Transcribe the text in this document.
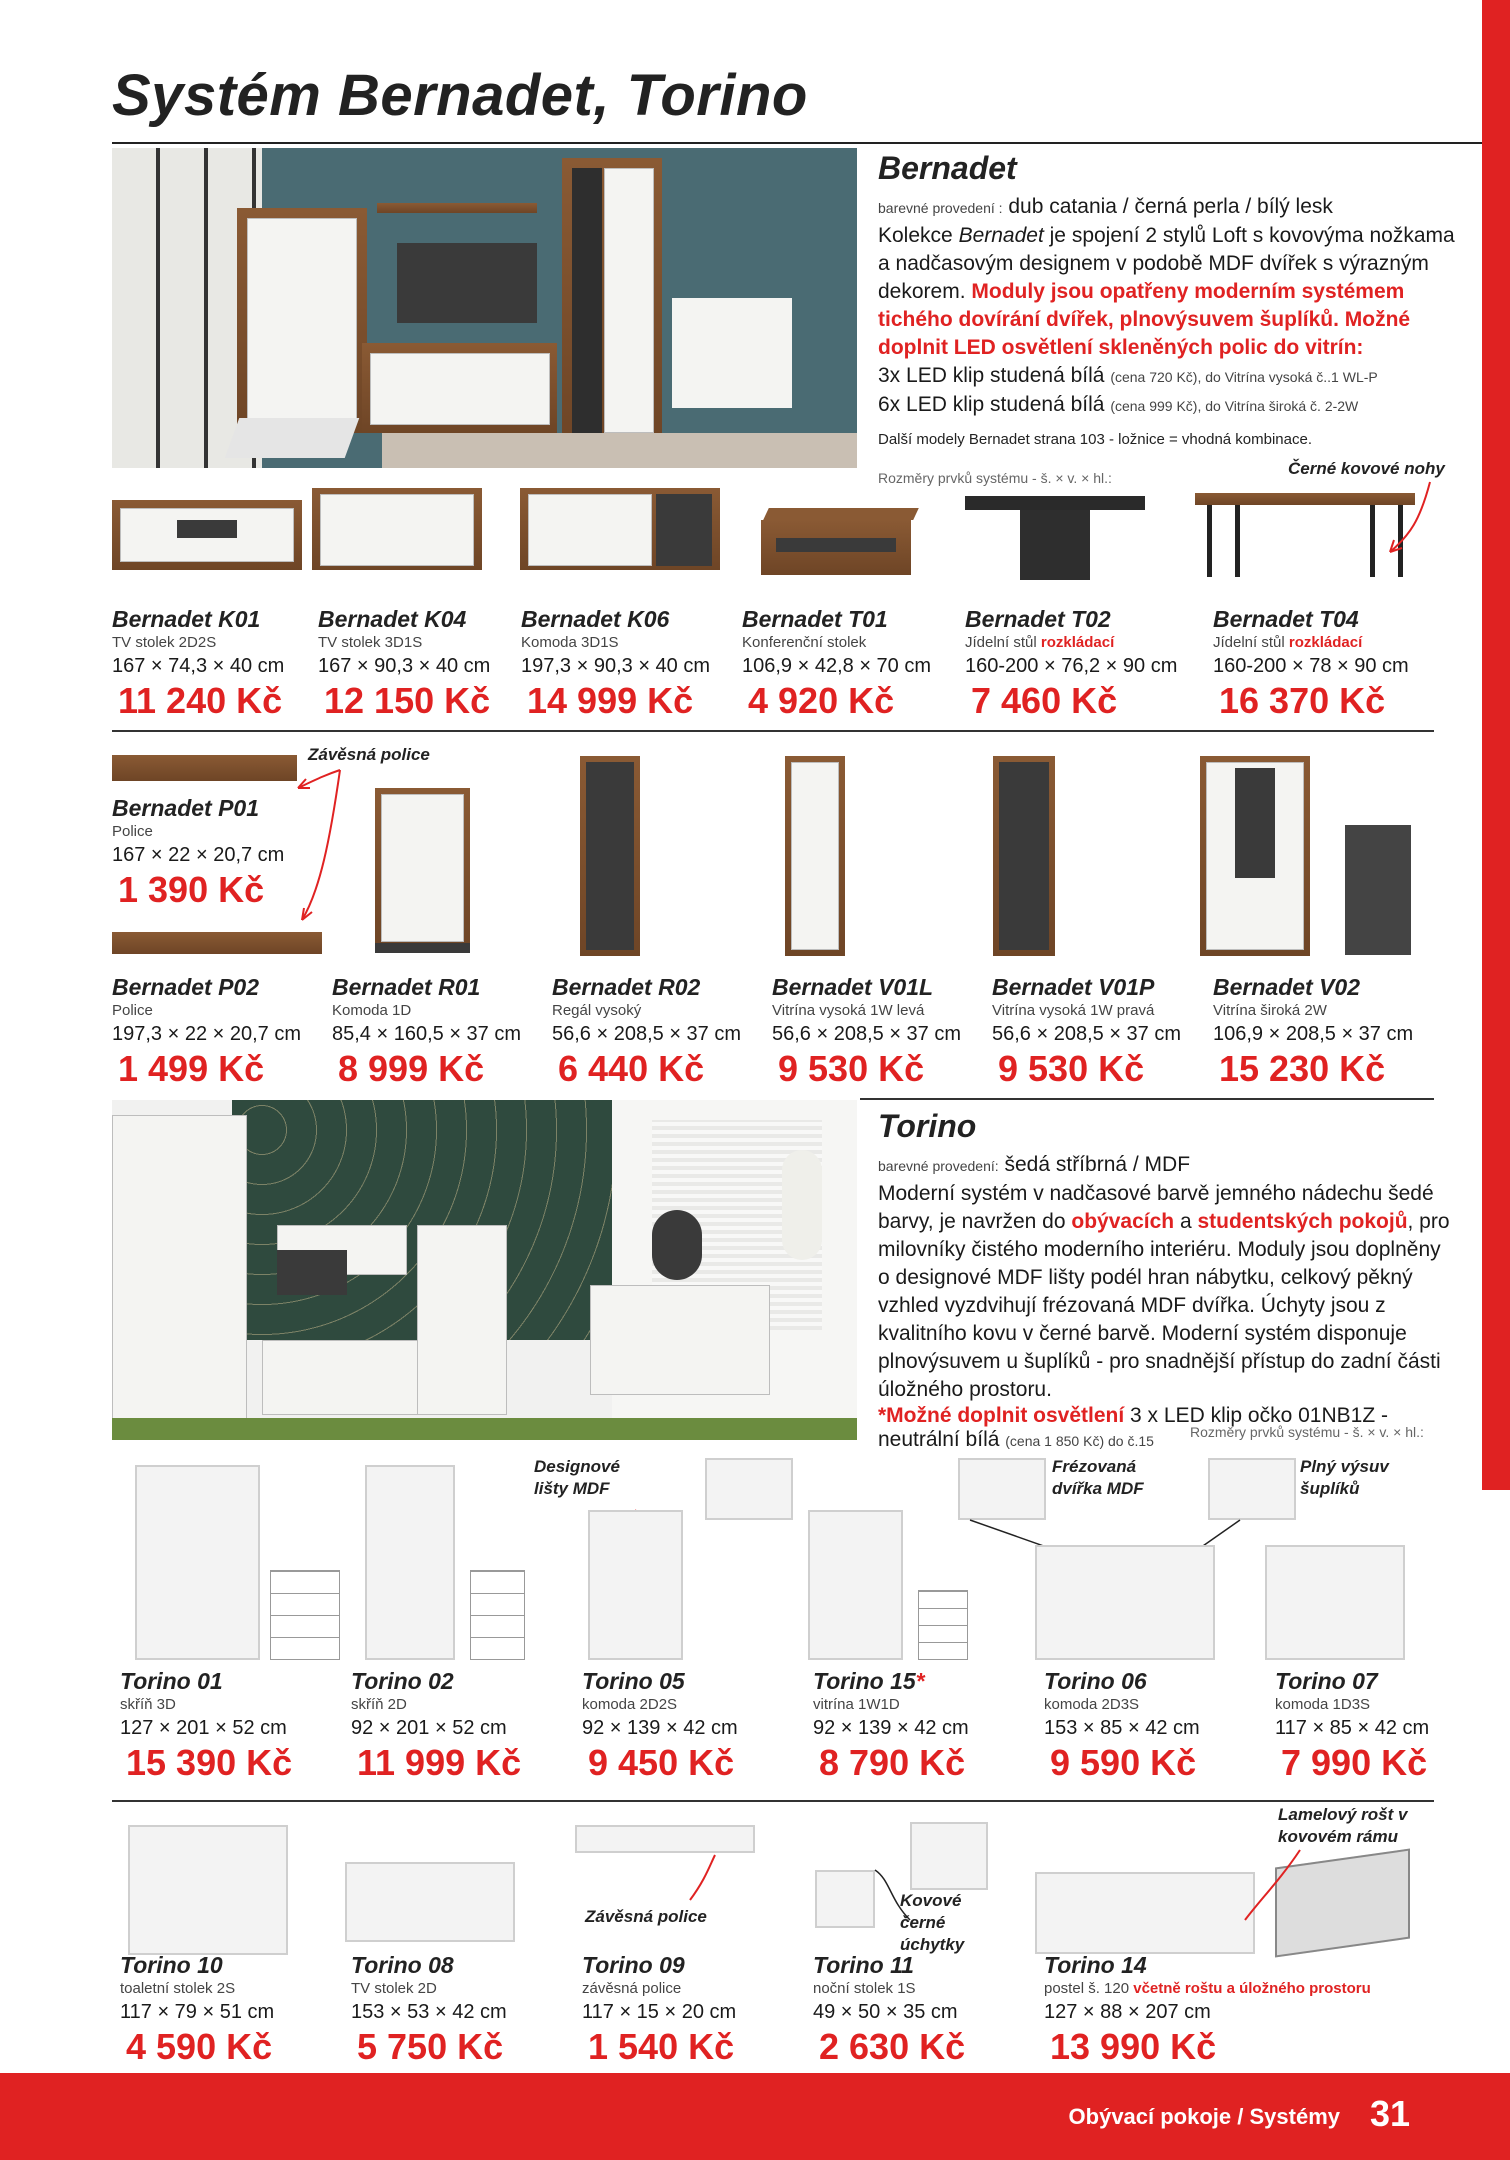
Systém Bernadet, Torino
Bernadet

barevné provedení : dub catania / černá perla / bílý lesk

Kolekce Bernadet je spojení 2 stylů Loft s kovovýma nožkama a nadčasovým designem v podobě MDF dvířek s výrazným dekorem. Moduly jsou opatřeny moderním systémem tichého dovírání dvířek, plnovýsuvem šuplíků. Možné doplnit LED osvětlení skleněných polic do vitrín:

3x LED klip studená bílá (cena 720 Kč), do Vitrína vysoká č..1 WL-P

6x LED klip studená bílá (cena 999 Kč), do Vitrína široká č. 2-2W

Další modely Bernadet strana 103 - ložnice = vhodná kombinace.

Rozměry prvků systému - š. × v. × hl.:	Černé kovové nohy
Bernadet K01
TV stolek 2D2S
167 × 74,3 × 40 cm
11 240 Kč
Bernadet K04
TV stolek 3D1S
167 × 90,3 × 40 cm
12 150 Kč
Bernadet K06
Komoda 3D1S
197,3 × 90,3 × 40 cm
14 999 Kč
Bernadet T01
Konferenční stolek
106,9 × 42,8 × 70 cm
4 920 Kč
Bernadet T02
Jídelní stůl rozkládací
160-200 × 76,2 × 90 cm
7 460 Kč
Bernadet T04
Jídelní stůl rozkládací
160-200 × 78 × 90 cm
16 370 Kč
Závěsná police
Bernadet P01
Police
167 × 22 × 20,7 cm
1 390 Kč
Bernadet P02
Police
197,3 × 22 × 20,7 cm
1 499 Kč
Bernadet R01
Komoda 1D
85,4 × 160,5 × 37 cm
8 999 Kč
Bernadet R02
Regál vysoký
56,6 × 208,5 × 37 cm
6 440 Kč
Bernadet V01L
Vitrína vysoká 1W levá
56,6 × 208,5 × 37 cm
9 530 Kč
Bernadet V01P
Vitrína vysoká 1W pravá
56,6 × 208,5 × 37 cm
9 530 Kč
Bernadet V02
Vitrína široká 2W
106,9 × 208,5 × 37 cm
15 230 Kč
Torino

barevné provedení: šedá stříbrná / MDF

Moderní systém v nadčasové barvě jemného nádechu šedé barvy, je navržen do obývacích a studentských pokojů, pro milovníky čistého moderního interiéru. Moduly jsou doplněny o designové MDF lišty podél hran nábytku, celkový pěkný vzhled vyzdvihují frézovaná MDF dvířka. Úchyty jsou z kvalitního kovu v černé barvě. Moderní systém disponuje plnovýsuvem u šuplíků - pro snadnější přístup do zadní části úložného prostoru.

*Možné doplnit osvětlení 3 x LED klip očko 01NB1Z - neutrální bílá (cena 1 850 Kč) do č.15

Rozměry prvků systému - š. × v. × hl.:

Designové lišty MDF
Frézovaná dvířka MDF
Plný výsuv šuplíků
Torino 01
skříň 3D
127 × 201 × 52 cm
15 390 Kč
Torino 02
skříň 2D
92 × 201 × 52 cm
11 999 Kč
Torino 05
komoda 2D2S
92 × 139 × 42 cm
9 450 Kč
Torino 15*
vitrína 1W1D
92 × 139 × 42 cm
8 790 Kč
Torino 06
komoda 2D3S
153 × 85 × 42 cm
9 590 Kč
Torino 07
komoda 1D3S
117 × 85 × 42 cm
7 990 Kč
Lamelový rošt v kovovém rámu
Závěsná police
Kovové černé úchytky
Torino 10
toaletní stolek 2S
117 × 79 × 51 cm
4 590 Kč
Torino 08
TV stolek 2D
153 × 53 × 42 cm
5 750 Kč
Torino 09
závěsná police
117 × 15 × 20 cm
1 540 Kč
Torino 11
noční stolek 1S
49 × 50 × 35 cm
2 630 Kč
Torino 14
postel š. 120 včetně roštu a úložného prostoru
127 × 88 × 207 cm
13 990 Kč
Obývací pokoje / Systémy 31
